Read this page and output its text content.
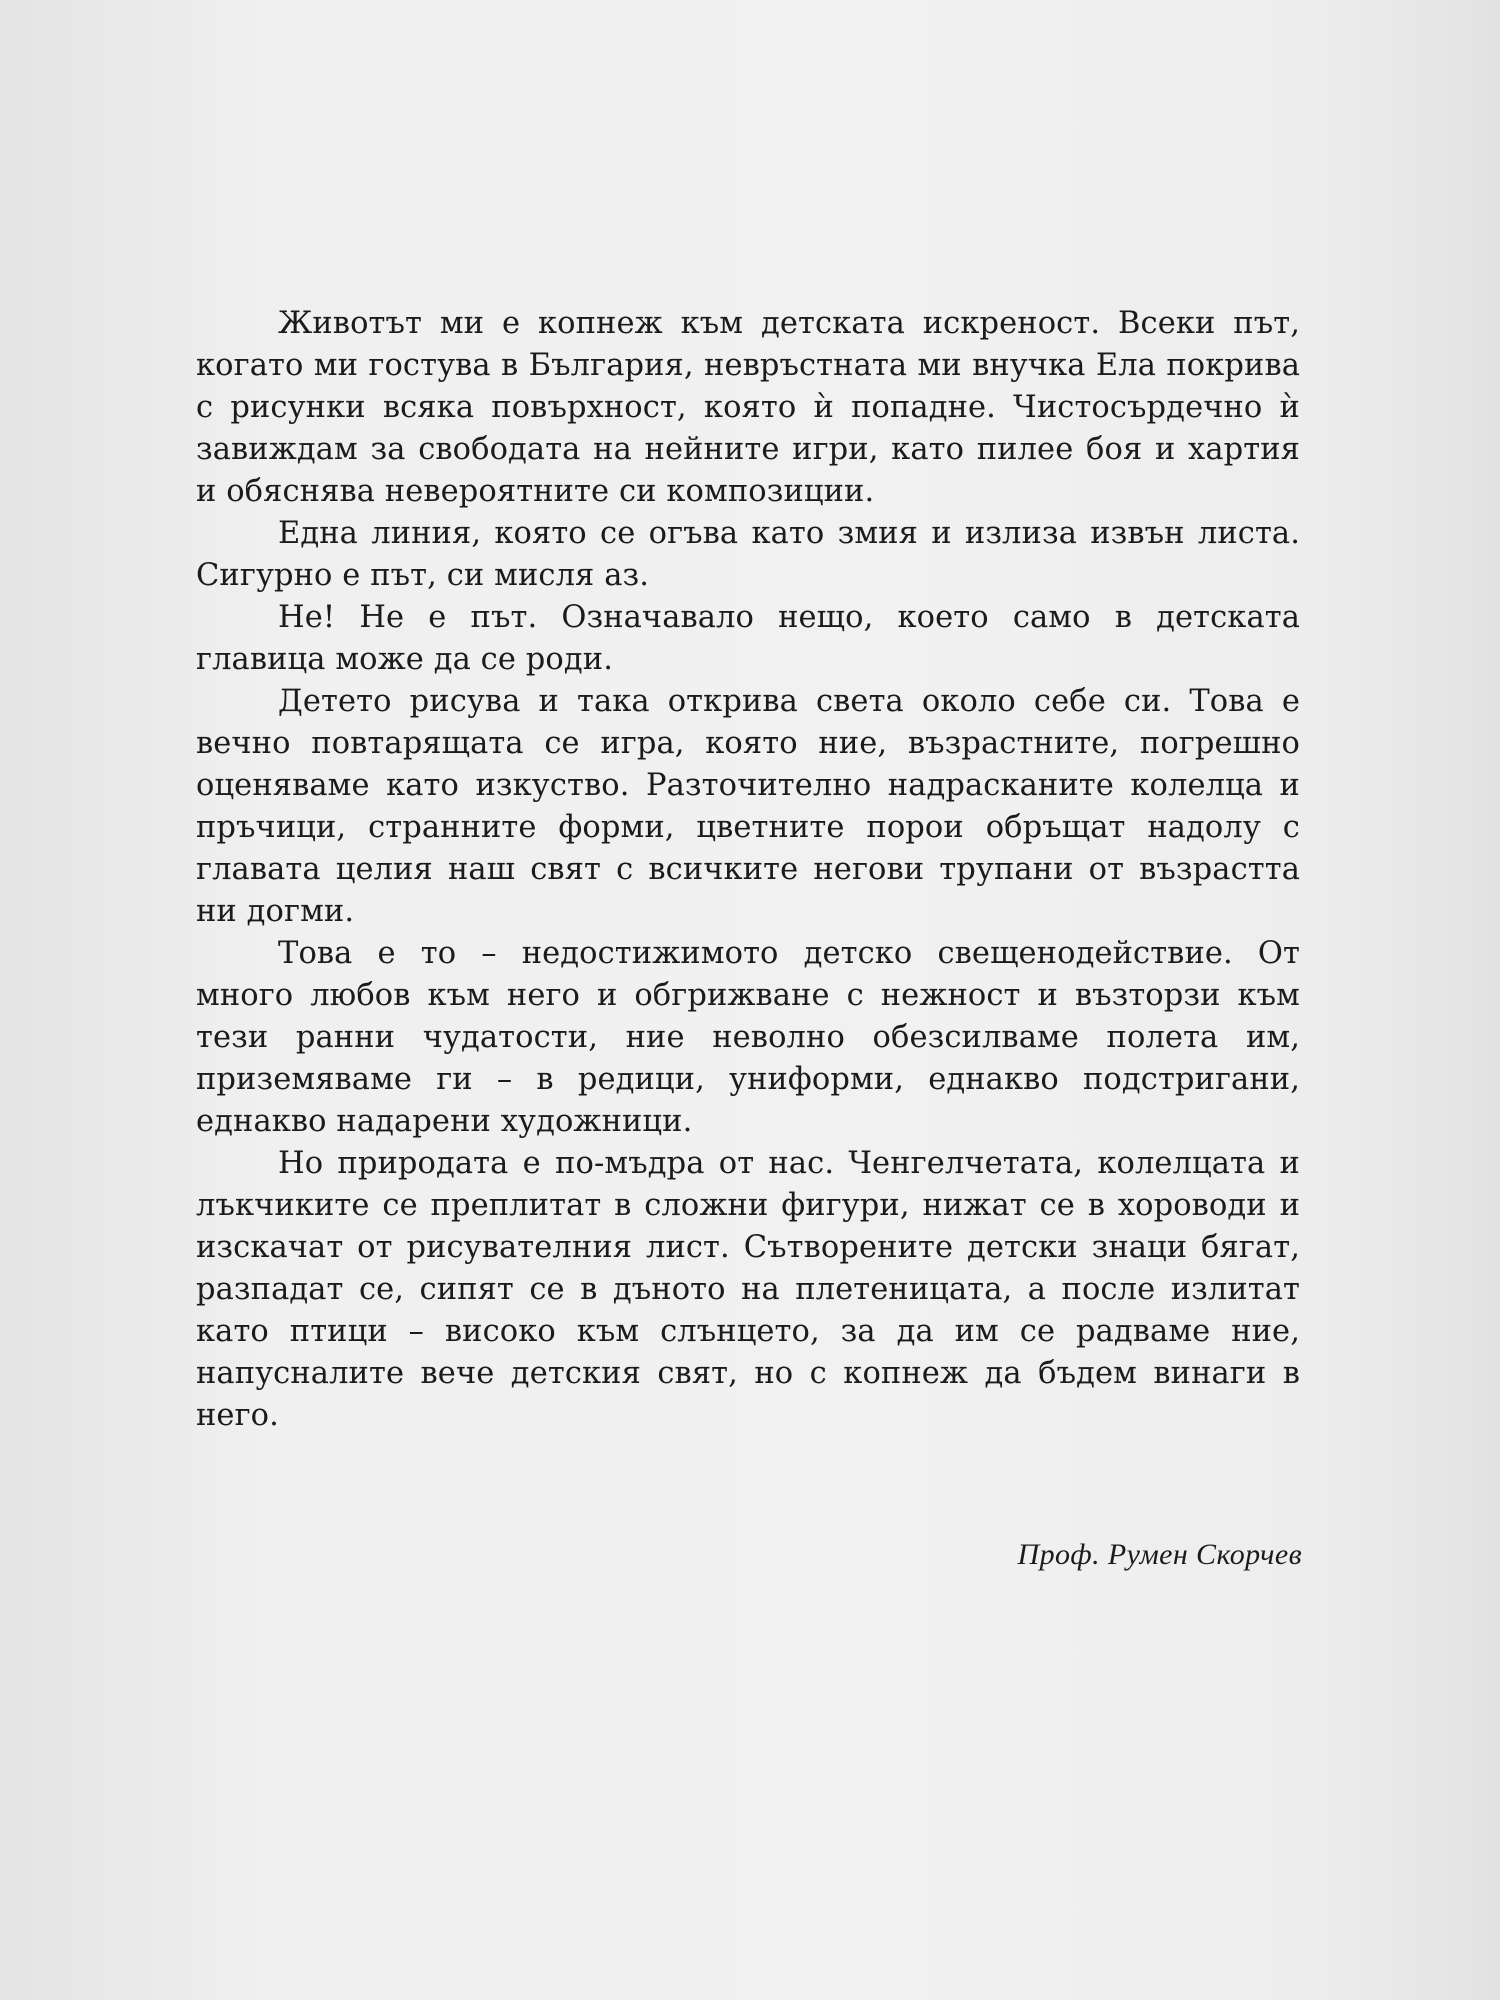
Животът ми е копнеж към детската искреност. Всеки път, когато ми гостува в България, невръстната ми внучка Ела покрива с рисунки всяка повърхност, която ѝ попадне. Чистосърдечно ѝ завиждам за свободата на нейните игри, като пилее боя и хартия и обяснява невероятните си композиции.

Една линия, която се огъва като змия и излиза извън листа. Сигурно е път, си мисля аз.

Не! Не е път. Означавало нещо, което само в детската главица може да се роди.

Детето рисува и така открива света около себе си. Това е вечно повтарящата се игра, която ние, възрастните, погрешно оценяваме като изкуство. Разточително надрасканите колелца и пръчици, странните форми, цветните порои обръщат надолу с главата целия наш свят с всичките негови трупани от възрастта ни догми.

Това е то – недостижимото детско свещенодействие. От много любов към него и обгрижване с нежност и възторзи към тези ранни чудатости, ние неволно обезсилваме полета им, приземяваме ги – в редици, униформи, еднакво подстригани, еднакво надарени художници.

Но природата е по-мъдра от нас. Ченгелчетата, колелцата и лъкчиките се преплитат в сложни фигури, нижат се в хороводи и изскачат от рисувателния лист. Сътворените детски знаци бягат, разпадат се, сипят се в дъното на плетеницата, а после излитат като птици – високо към слънцето, за да им се радваме ние, напусналите вече детския свят, но с копнеж да бъдем винаги в него.

Проф. Румен Скорчев
